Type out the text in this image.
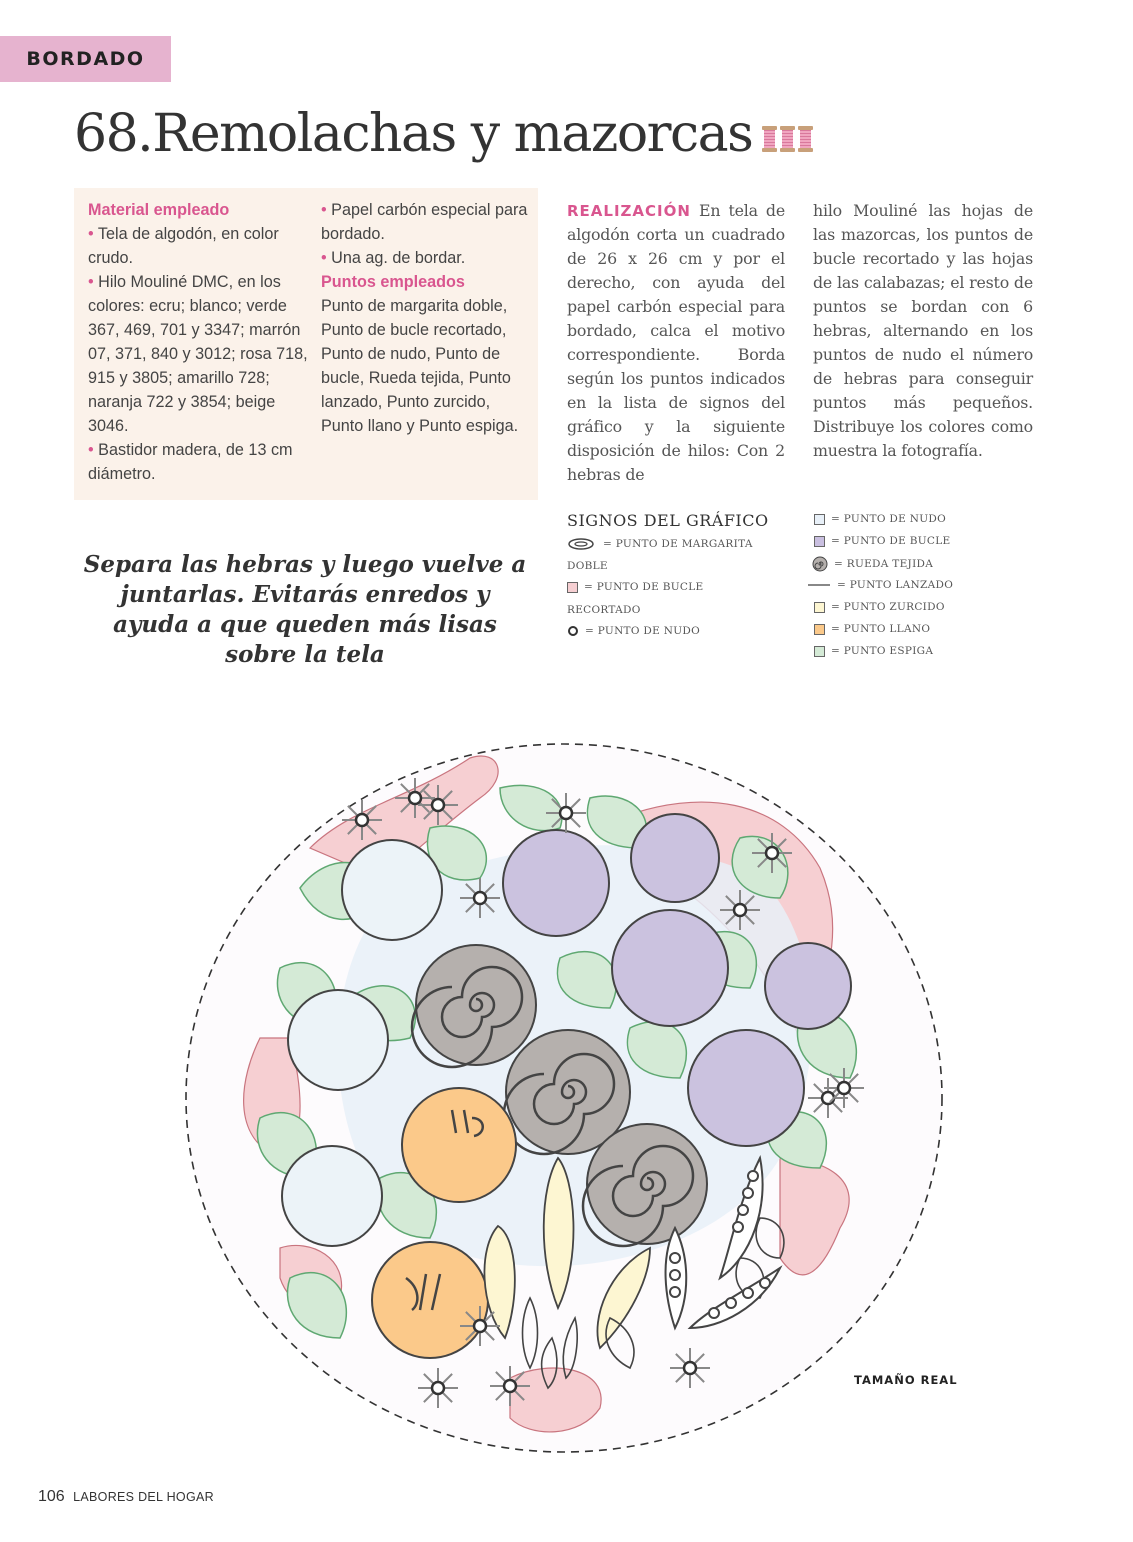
BORDADO
68.Remolachas y mazorcas
Material empleado
• Tela de algodón, en color crudo.
• Hilo Mouliné DMC, en los colores: ecru; blanco; verde 367, 469, 701 y 3347; marrón 07, 371, 840 y 3012; rosa 718, 915 y 3805; amarillo 728; naranja 722 y 3854; beige 3046.
• Bastidor madera, de 13 cm diámetro.
• Papel carbón especial para bordado.
• Una ag. de bordar.
Puntos empleados
Punto de margarita doble, Punto de bucle recortado, Punto de nudo, Punto de bucle, Rueda tejida, Punto lanzado, Punto zurcido, Punto llano y Punto espiga.
REALIZACIÓN En tela de algodón corta un cuadrado de 26 x 26 cm y por el derecho, con ayuda del papel carbón especial para bordado, calca el motivo correspondiente. Borda según los puntos indicados en la lista de signos del gráfico y la siguiente disposición de hilos: Con 2 hebras de
hilo Mouliné las hojas de las mazorcas, los puntos de bucle recortado y las hojas de las calabazas; el resto de puntos se bordan con 6 hebras, alternando en los puntos de nudo el número de hebras para conseguir puntos más pequeños. Distribuye los colores como muestra la fotografía.
Separa las hebras y luego vuelve a juntarlas. Evitarás enredos y ayuda a que queden más lisas sobre la tela
SIGNOS DEL GRÁFICO
= PUNTO DE MARGARITA
DOBLE
= PUNTO DE BUCLE
RECORTADO
= PUNTO DE NUDO
= PUNTO DE NUDO
= PUNTO DE BUCLE
= RUEDA TEJIDA
= PUNTO LANZADO
= PUNTO ZURCIDO
= PUNTO LLANO
= PUNTO ESPIGA
TAMAÑO REAL
106 LABORES DEL HOGAR
